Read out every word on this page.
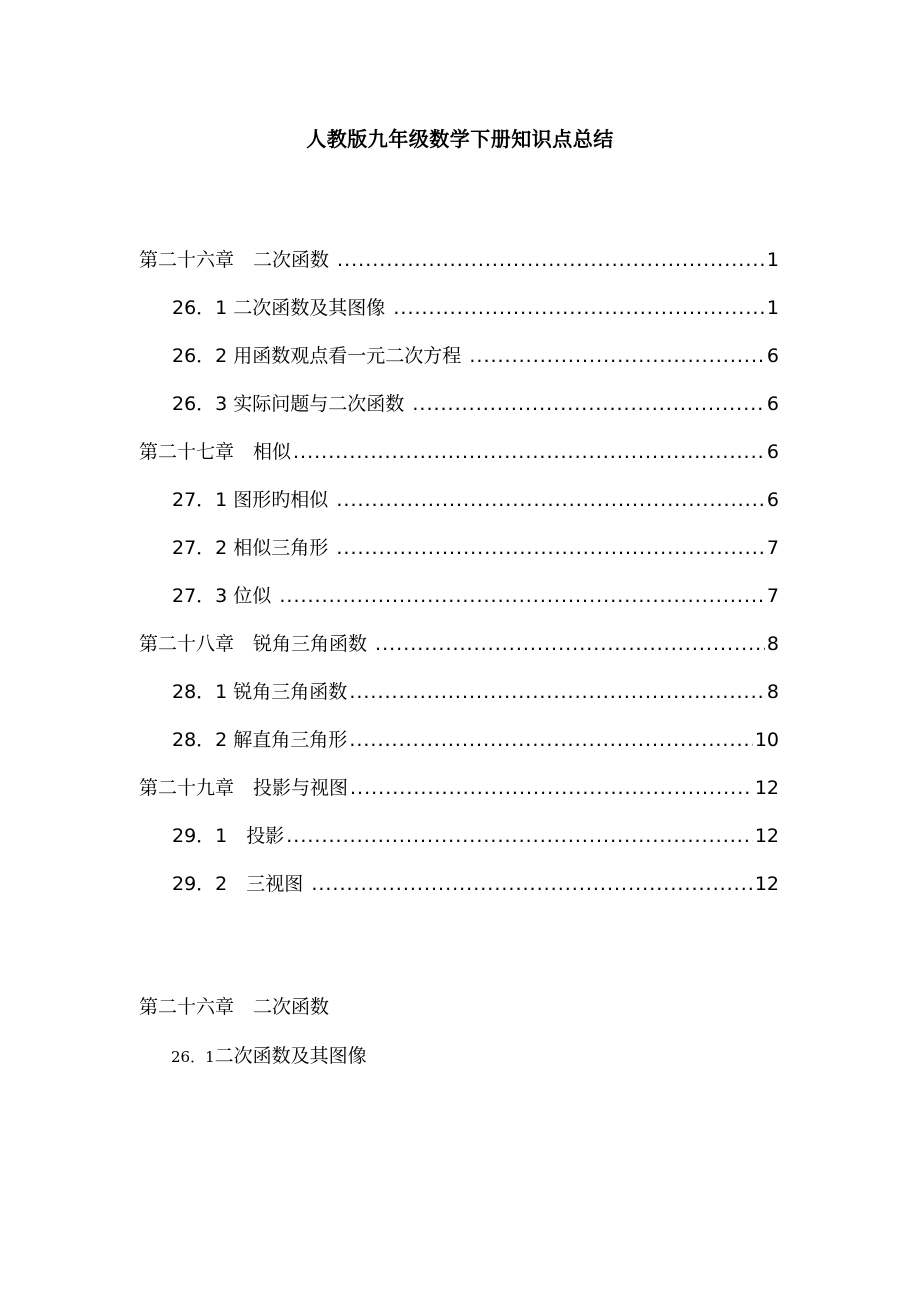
人教版九年级数学下册知识点总结
第二十六章　二次函数 .....	1
26．1 二次函数及其图像 .....	1
26．2 用函数观点看一元二次方程 .....	6
26．3 实际问题与二次函数 .....	6
第二十七章　相似 .....	6
27．1 图形旳相似 .....	6
27．2 相似三角形 .....	7
27．3 位似 .....	7
第二十八章　锐角三角函数 .....	8
28．1 锐角三角函数 .....	8
28．2 解直角三角形 .....	10
第二十九章　投影与视图 .....	12
29．1　投影 .....	12
29．2　三视图 .....	12
第二十六章　二次函数
26．1二次函数及其图像
